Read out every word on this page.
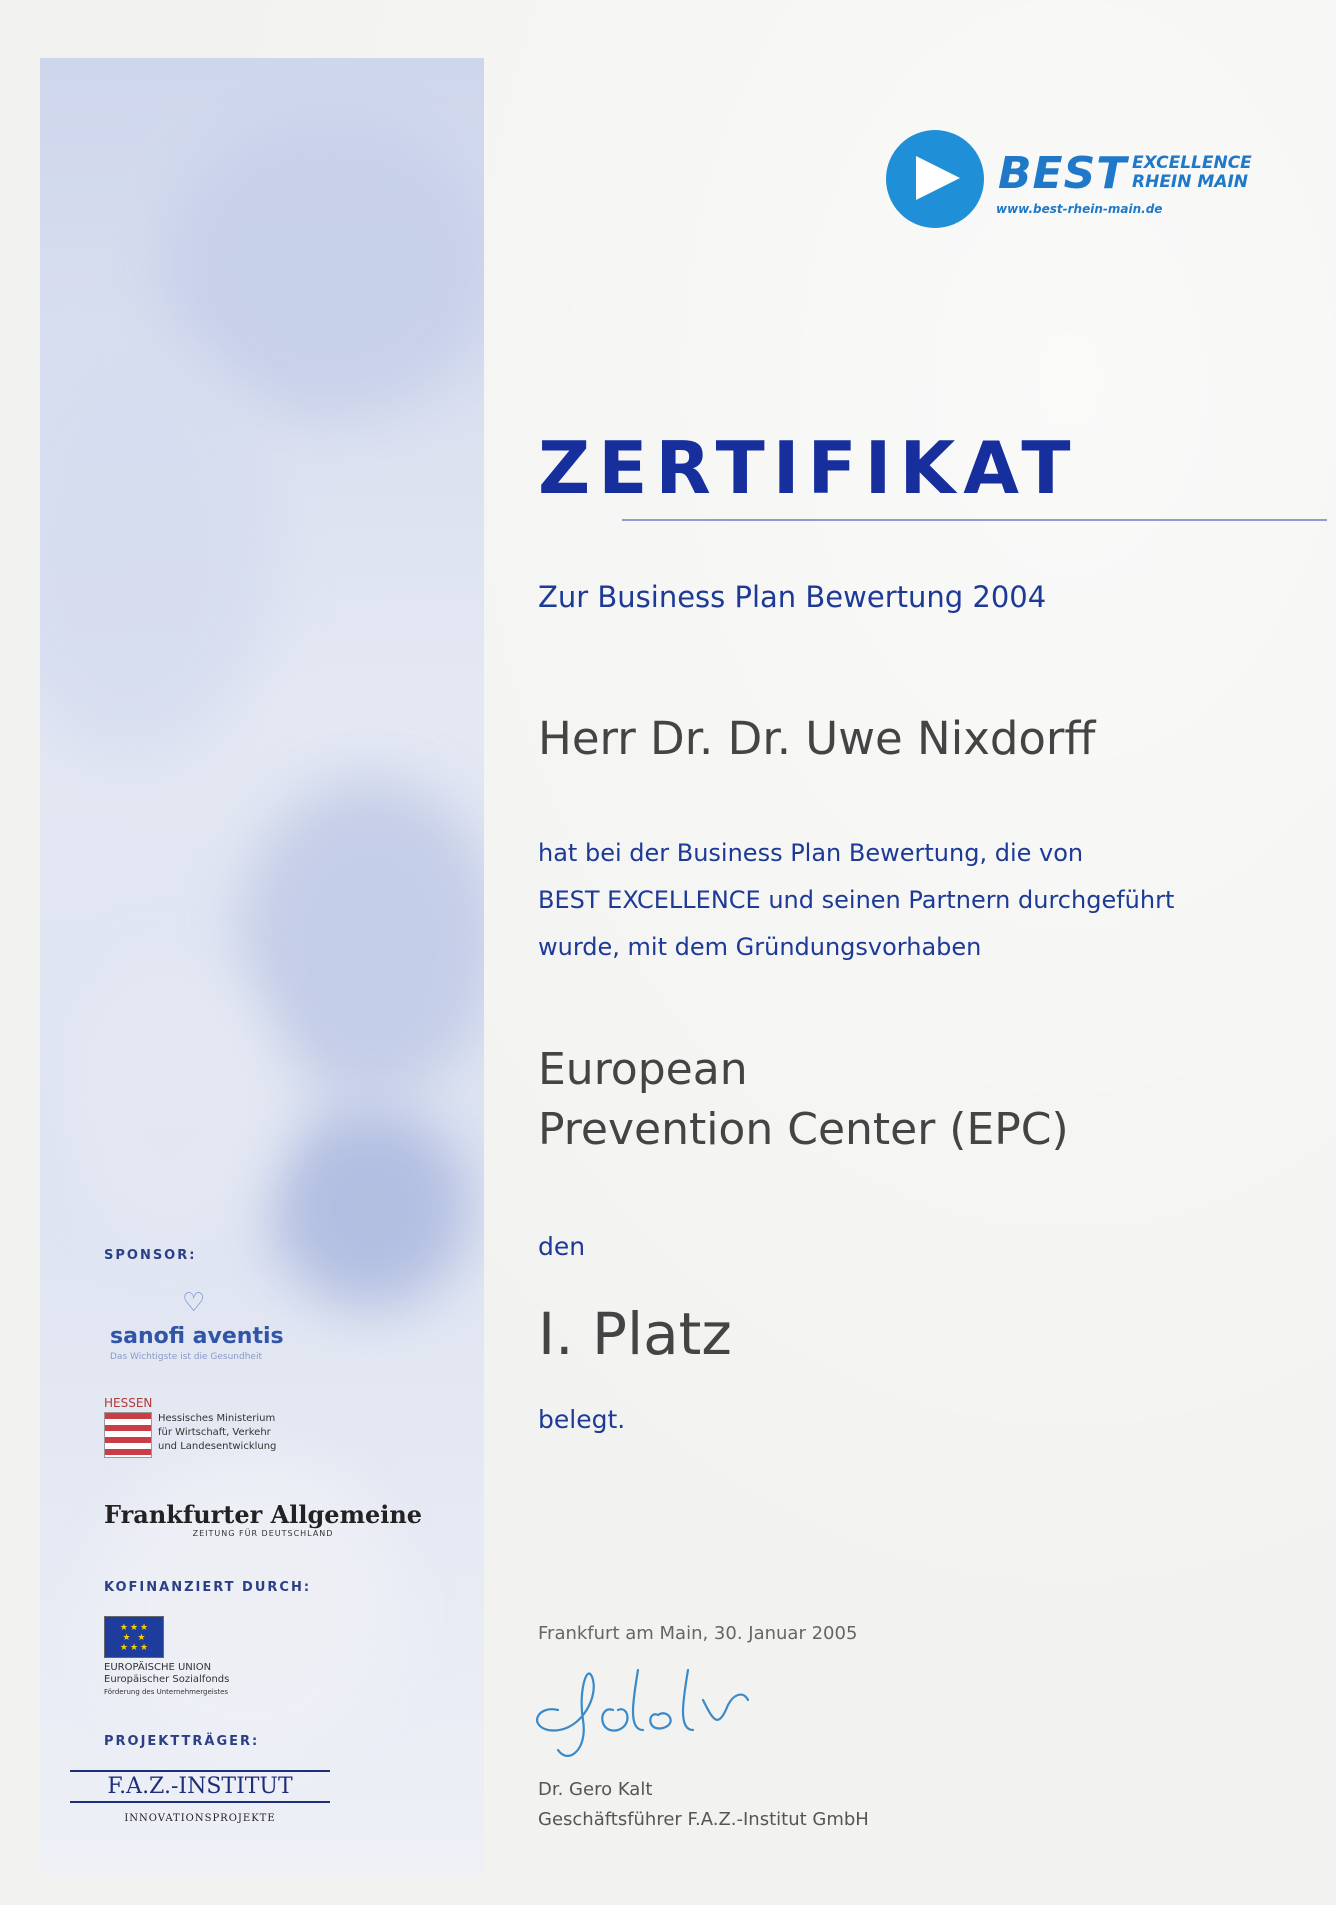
BEST EXCELLENCE
RHEIN MAIN
www.best-rhein-main.de
ZERTIFIKAT
Zur Business Plan Bewertung 2004
Herr Dr. Dr. Uwe Nixdorff
hat bei der Business Plan Bewertung, die von
BEST EXCELLENCE und seinen Partnern durchgeführt
wurde, mit dem Gründungsvorhaben
European
Prevention Center (EPC)
den
I. Platz
belegt.
Frankfurt am Main, 30. Januar 2005
Dr. Gero Kalt
Geschäftsführer F.A.Z.-Institut GmbH
SPONSOR:
♡
sanofi aventis
Das Wichtigste ist die Gesundheit
HESSEN
Hessisches Ministerium
für Wirtschaft, Verkehr
und Landesentwicklung
Frankfurter Allgemeine
ZEITUNG FÜR DEUTSCHLAND
KOFINANZIERT DURCH:
★★★
★ ★
★★★
EUROPÄISCHE UNION
Europäischer Sozialfonds
Förderung des Unternehmergeistes
PROJEKTTRÄGER:
F.A.Z.-INSTITUT
INNOVATIONSPROJEKTE
